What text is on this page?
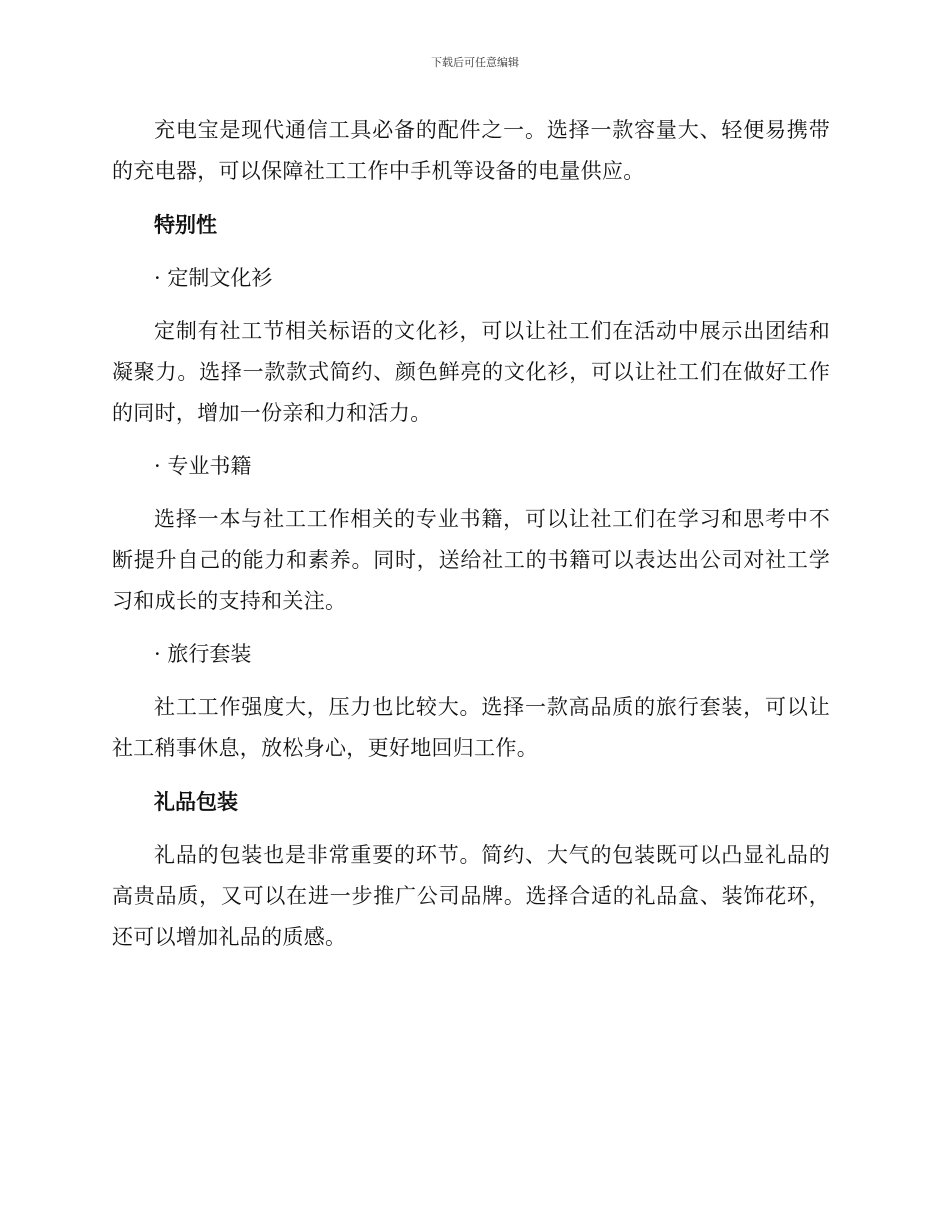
下载后可任意编辑

充电宝是现代通信工具必备的配件之一。选择一款容量大、轻便易携带的充电器，可以保障社工工作中手机等设备的电量供应。

特别性

· 定制文化衫

定制有社工节相关标语的文化衫，可以让社工们在活动中展示出团结和凝聚力。选择一款款式简约、颜色鲜亮的文化衫，可以让社工们在做好工作的同时，增加一份亲和力和活力。

· 专业书籍

选择一本与社工工作相关的专业书籍，可以让社工们在学习和思考中不断提升自己的能力和素养。同时，送给社工的书籍可以表达出公司对社工学习和成长的支持和关注。

· 旅行套装

社工工作强度大，压力也比较大。选择一款高品质的旅行套装，可以让社工稍事休息，放松身心，更好地回归工作。

礼品包装

礼品的包装也是非常重要的环节。简约、大气的包装既可以凸显礼品的高贵品质，又可以在进一步推广公司品牌。选择合适的礼品盒、装饰花环，还可以增加礼品的质感。
